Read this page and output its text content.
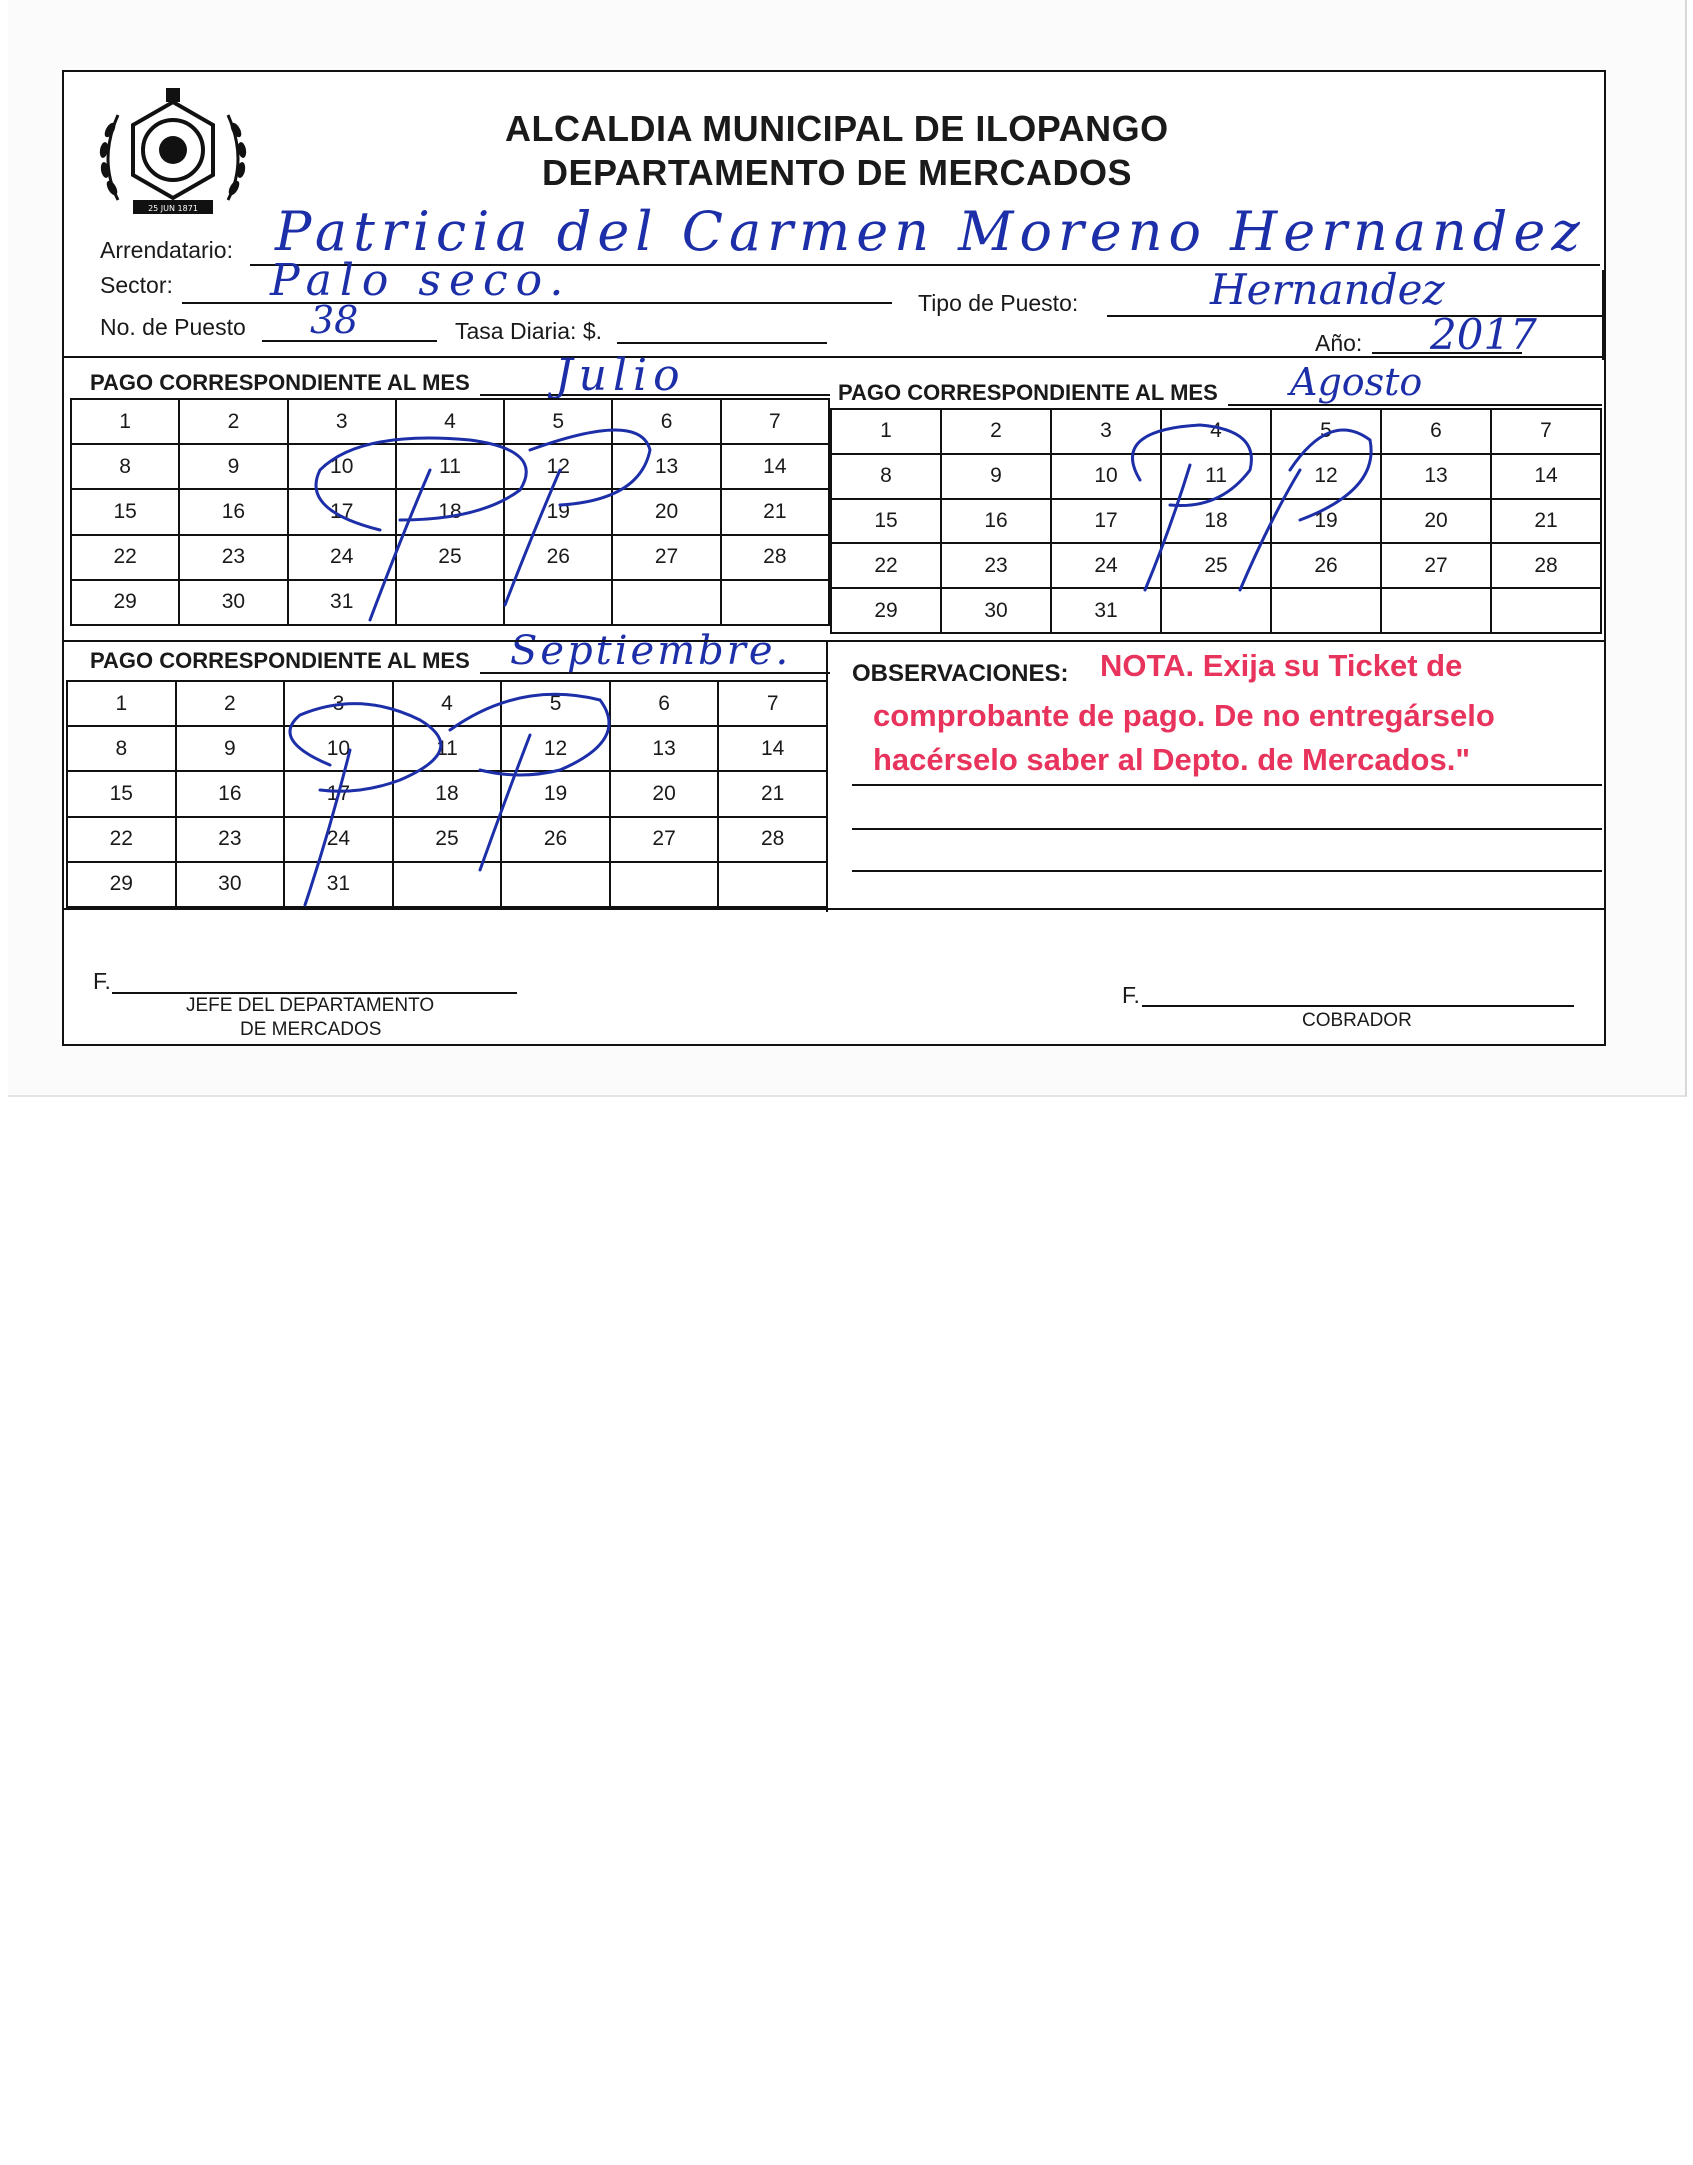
25 JUN 1871
ALCALDIA MUNICIPAL DE ILOPANGO
DEPARTAMENTO DE MERCADOS
Arrendatario: Patricia del Carmen Moreno Hernandez
Sector: Palo seco.	Tipo de Puesto:	Hernandez
No. de Puesto 38	Tasa Diaria: $.	Año: 2017
PAGO CORRESPONDIENTE AL MES Julio	PAGO CORRESPONDIENTE AL MES Agosto
1	2	3	4	5	6	7
8	9	10	11	12	13	14
15	16	17	18	19	20	21
22	23	24	25	26	27	28
29	30	31				
1	2	3	4	5	6	7
8	9	10	11	12	13	14
15	16	17	18	19	20	21
22	23	24	25	26	27	28
29	30	31				
PAGO CORRESPONDIENTE AL MES Septiembre.
1	2	3	4	5	6	7
8	9	10	11	12	13	14
15	16	17	18	19	20	21
22	23	24	25	26	27	28
29	30	31				
OBSERVACIONES: NOTA. Exija su Ticket de
comprobante de pago. De no entregárselo
hacérselo saber al Depto. de Mercados."
F.
JEFE DEL DEPARTAMENTO
DE MERCADOS
F.
COBRADOR
